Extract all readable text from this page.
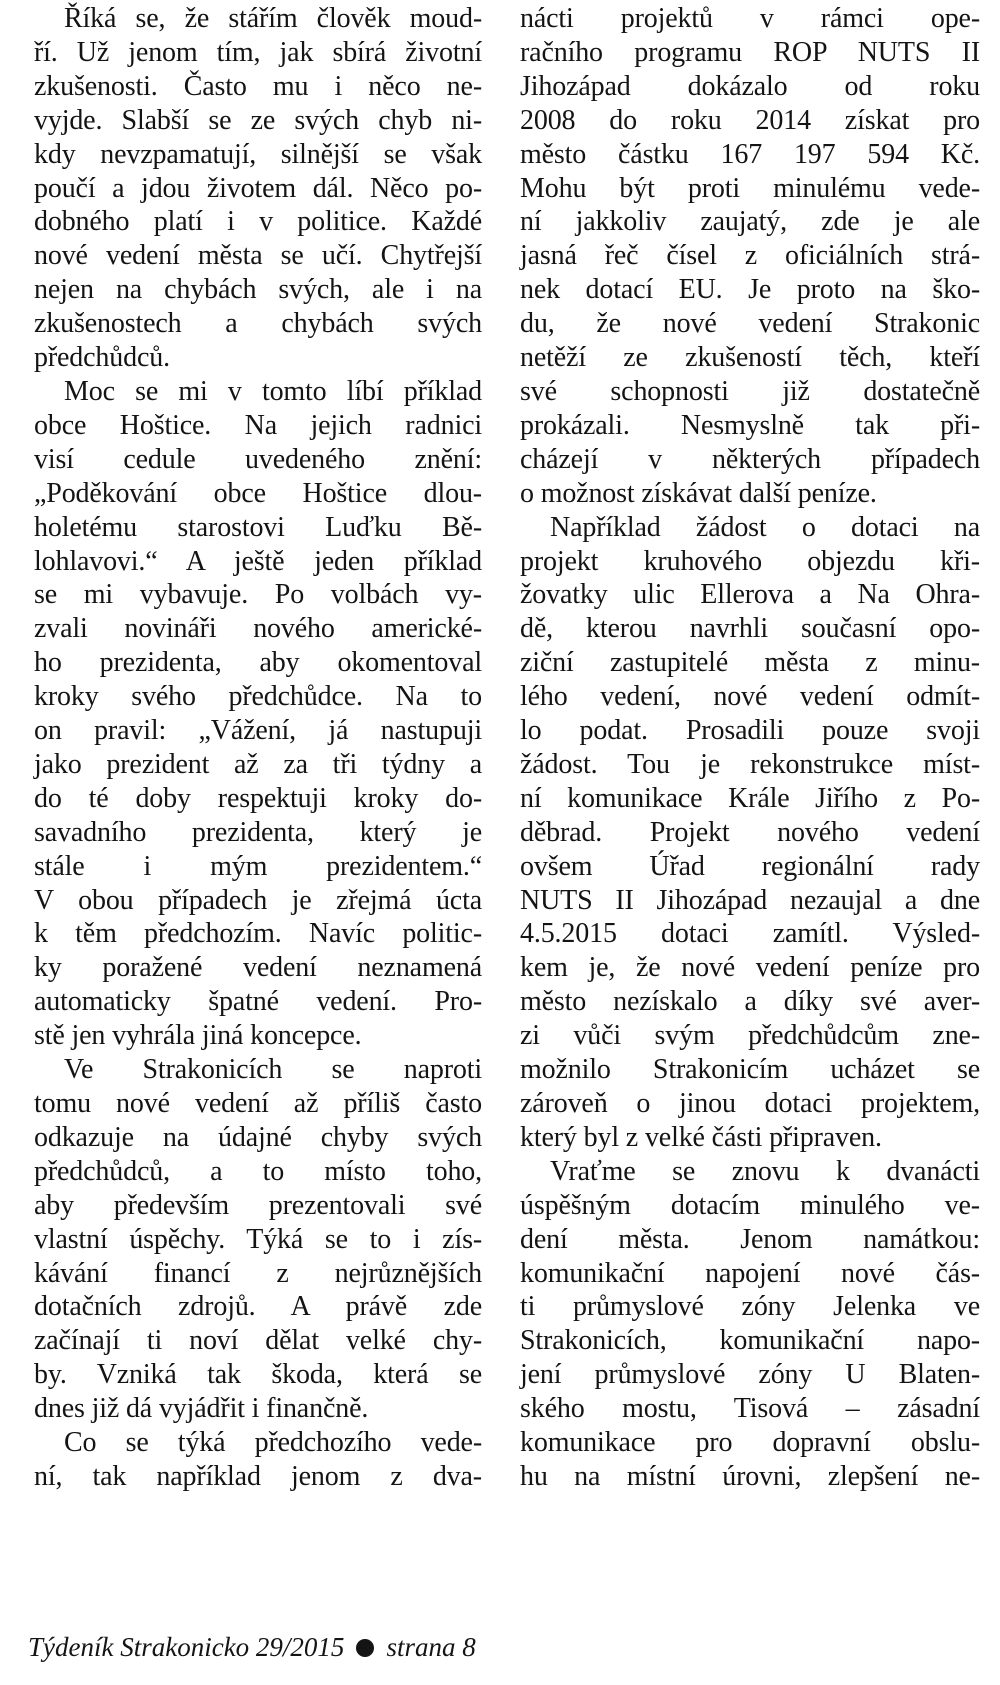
Říká se, že stářím člověk moud-
ří. Už jenom tím, jak sbírá životní
zkušenosti. Často mu i něco ne-
vyjde. Slabší se ze svých chyb ni-
kdy nevzpamatují, silnější se však
poučí a jdou životem dál. Něco po-
dobného platí i v politice. Každé
nové vedení města se učí. Chytřejší
nejen na chybách svých, ale i na
zkušenostech a chybách svých
předchůdců.
Moc se mi v tomto líbí příklad
obce Hoštice. Na jejich radnici
visí cedule uvedeného znění:
„Poděkování obce Hoštice dlou-
holetému starostovi Luďku Bě-
lohlavovi.“ A ještě jeden příklad
se mi vybavuje. Po volbách vy-
zvali novináři nového americké-
ho prezidenta, aby okomentoval
kroky svého předchůdce. Na to
on pravil: „Vážení, já nastupuji
jako prezident až za tři týdny a
do té doby respektuji kroky do-
savadního prezidenta, který je
stále i mým prezidentem.“
V obou případech je zřejmá úcta
k těm předchozím. Navíc politic-
ky poražené vedení neznamená
automaticky špatné vedení. Pro-
stě jen vyhrála jiná koncepce.
Ve Strakonicích se naproti
tomu nové vedení až příliš často
odkazuje na údajné chyby svých
předchůdců, a to místo toho,
aby především prezentovali své
vlastní úspěchy. Týká se to i zís-
kávání financí z nejrůznějších
dotačních zdrojů. A právě zde
začínají ti noví dělat velké chy-
by. Vzniká tak škoda, která se
dnes již dá vyjádřit i finančně.
Co se týká předchozího vede-
ní, tak například jenom z dva-
nácti projektů v rámci ope-
račního programu ROP NUTS II
Jihozápad dokázalo od roku
2008 do roku 2014 získat pro
město částku 167 197 594 Kč.
Mohu být proti minulému vede-
ní jakkoliv zaujatý, zde je ale
jasná řeč čísel z oficiálních strá-
nek dotací EU. Je proto na ško-
du, že nové vedení Strakonic
netěží ze zkušeností těch, kteří
své schopnosti již dostatečně
prokázali. Nesmyslně tak při-
cházejí v některých případech
o možnost získávat další peníze.
Například žádost o dotaci na
projekt kruhového objezdu kři-
žovatky ulic Ellerova a Na Ohra-
dě, kterou navrhli současní opo-
ziční zastupitelé města z minu-
lého vedení, nové vedení odmít-
lo podat. Prosadili pouze svoji
žádost. Tou je rekonstrukce míst-
ní komunikace Krále Jiřího z Po-
děbrad. Projekt nového vedení
ovšem Úřad regionální rady
NUTS II Jihozápad nezaujal a dne
4.5.2015 dotaci zamítl. Výsled-
kem je, že nové vedení peníze pro
město nezískalo a díky své aver-
zi vůči svým předchůdcům zne-
možnilo Strakonicím ucházet se
zároveň o jinou dotaci projektem,
který byl z velké části připraven.
Vraťme se znovu k dvanácti
úspěšným dotacím minulého ve-
dení města. Jenom namátkou:
komunikační napojení nové čás-
ti průmyslové zóny Jelenka ve
Strakonicích, komunikační napo-
jení průmyslové zóny U Blaten-
ského mostu, Tisová – zásadní
komunikace pro dopravní obslu-
hu na místní úrovni, zlepšení ne-
Týdeník Strakonicko 29/2015 strana 8
